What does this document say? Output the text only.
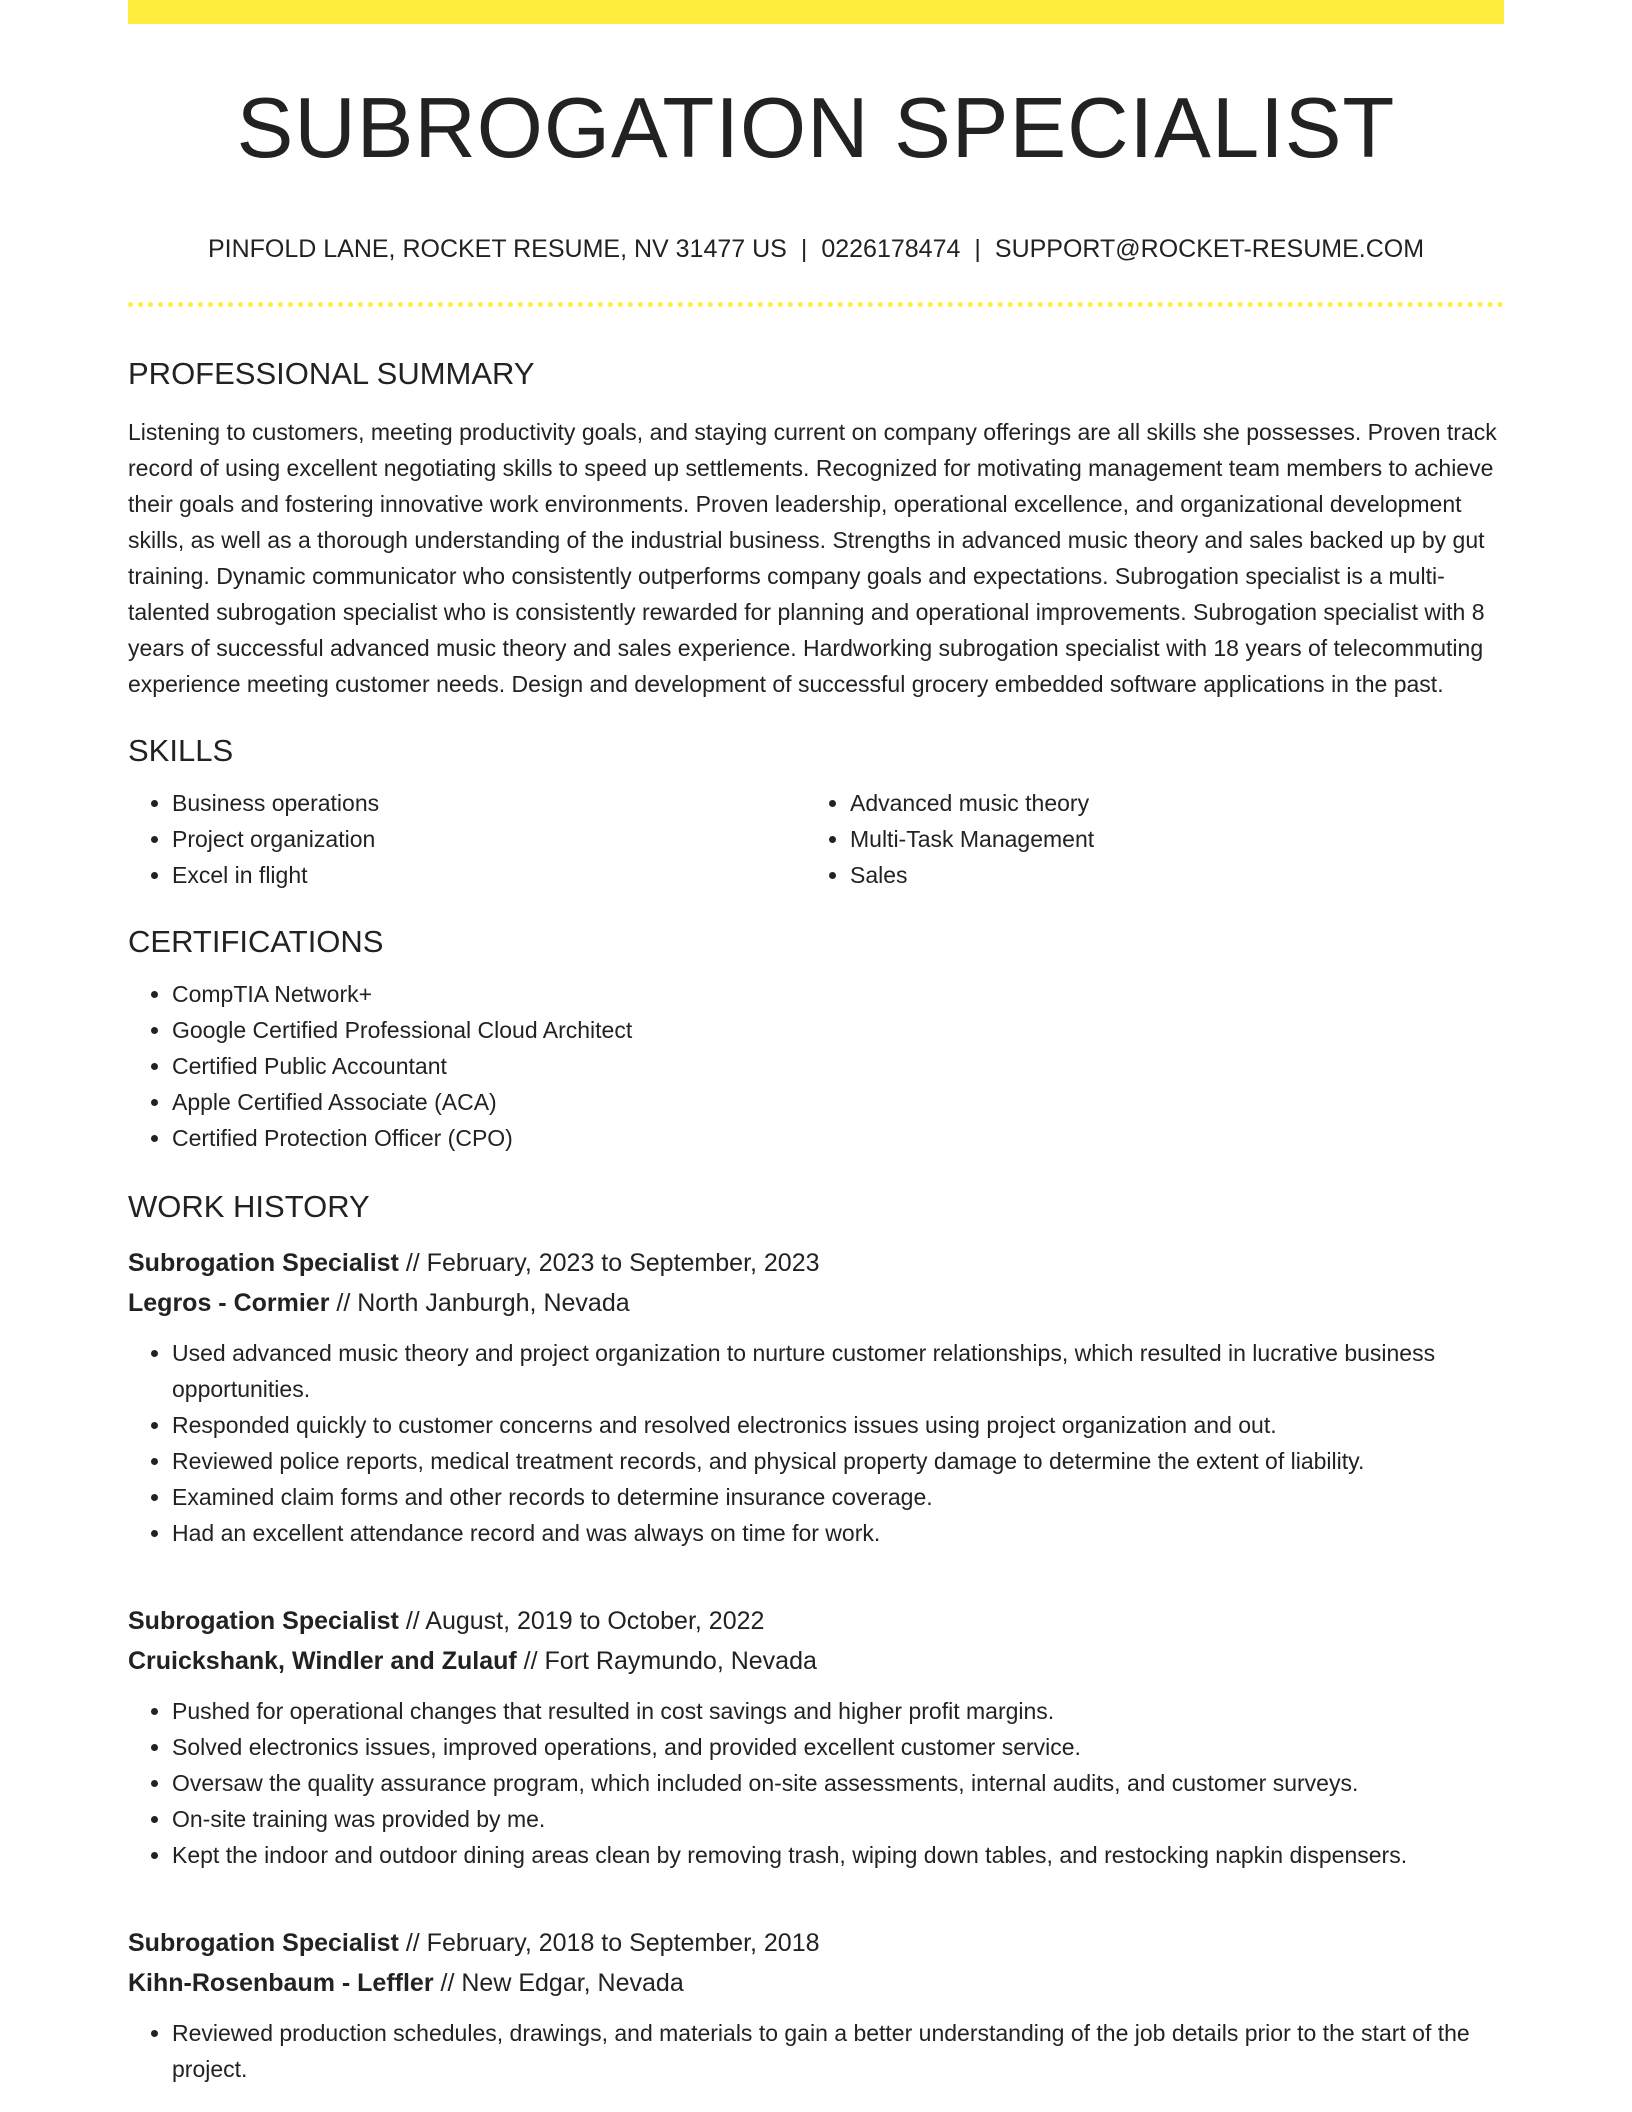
SUBROGATION SPECIALIST
PINFOLD LANE, ROCKET RESUME, NV 31477 US | 0226178474 | SUPPORT@ROCKET-RESUME.COM
PROFESSIONAL SUMMARY

Listening to customers, meeting productivity goals, and staying current on company offerings are all skills she possesses. Proven track record of using excellent negotiating skills to speed up settlements. Recognized for motivating management team members to achieve their goals and fostering innovative work environments. Proven leadership, operational excellence, and organizational development skills, as well as a thorough understanding of the industrial business. Strengths in advanced music theory and sales backed up by gut training. Dynamic communicator who consistently outperforms company goals and expectations. Subrogation specialist is a multi-talented subrogation specialist who is consistently rewarded for planning and operational improvements. Subrogation specialist with 8 years of successful advanced music theory and sales experience. Hardworking subrogation specialist with 18 years of telecommuting experience meeting customer needs. Design and development of successful grocery embedded software applications in the past.

SKILLS
• Business operations
• Project organization
• Excel in flight
• Advanced music theory
• Multi-Task Management
• Sales
CERTIFICATIONS
• CompTIA Network+
• Google Certified Professional Cloud Architect
• Certified Public Accountant
• Apple Certified Associate (ACA)
• Certified Protection Officer (CPO)
WORK HISTORY
Subrogation Specialist // February, 2023 to September, 2023
Legros - Cormier // North Janburgh, Nevada
• Used advanced music theory and project organization to nurture customer relationships, which resulted in lucrative business opportunities.
• Responded quickly to customer concerns and resolved electronics issues using project organization and out.
• Reviewed police reports, medical treatment records, and physical property damage to determine the extent of liability.
• Examined claim forms and other records to determine insurance coverage.
• Had an excellent attendance record and was always on time for work.
Subrogation Specialist // August, 2019 to October, 2022
Cruickshank, Windler and Zulauf // Fort Raymundo, Nevada
• Pushed for operational changes that resulted in cost savings and higher profit margins.
• Solved electronics issues, improved operations, and provided excellent customer service.
• Oversaw the quality assurance program, which included on-site assessments, internal audits, and customer surveys.
• On-site training was provided by me.
• Kept the indoor and outdoor dining areas clean by removing trash, wiping down tables, and restocking napkin dispensers.
Subrogation Specialist // February, 2018 to September, 2018
Kihn-Rosenbaum - Leffler // New Edgar, Nevada
• Reviewed production schedules, drawings, and materials to gain a better understanding of the job details prior to the start of the project.
